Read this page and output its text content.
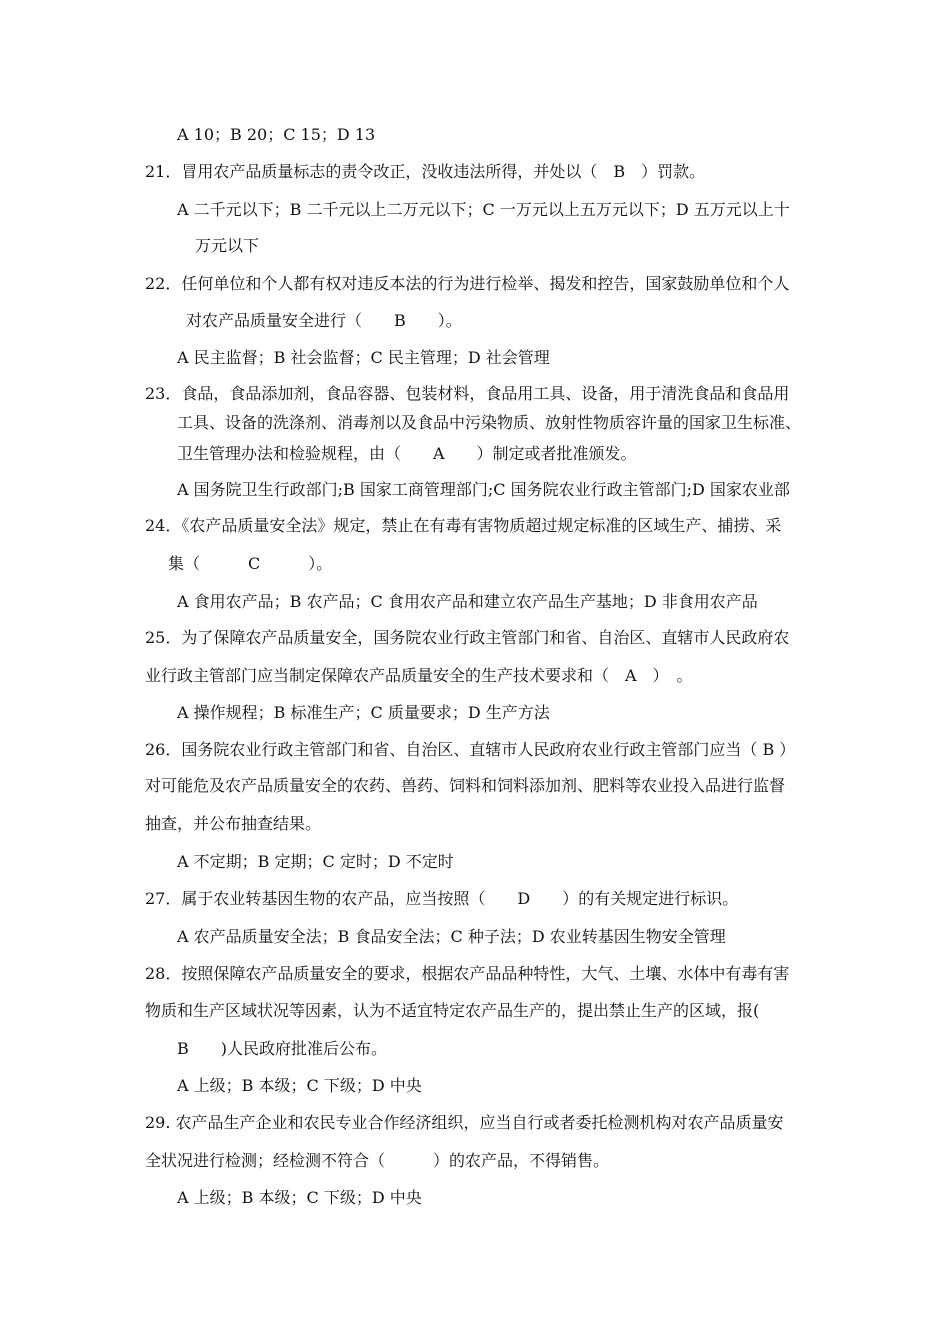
A 10；B 20；C 15；D 13
21．冒用农产品质量标志的责令改正，没收违法所得，并处以（　B　）罚款。
A 二千元以下；B 二千元以上二万元以下；C 一万元以上五万元以下；D 五万元以上十
万元以下
22．任何单位和个人都有权对违反本法的行为进行检举、揭发和控告，国家鼓励单位和个人
对农产品质量安全进行（　　B　　）。
A 民主监督；B 社会监督；C 民主管理；D 社会管理
23．食品，食品添加剂，食品容器、包装材料，食品用工具、设备，用于清洗食品和食品用
工具、设备的洗涤剂、消毒剂以及食品中污染物质、放射性物质容许量的国家卫生标准、
卫生管理办法和检验规程，由（　　A　　）制定或者批准颁发。
A 国务院卫生行政部门;B 国家工商管理部门;C 国务院农业行政主管部门;D 国家农业部
24．《农产品质量安全法》规定，禁止在有毒有害物质超过规定标准的区域生产、捕捞、采
集（　　　C　　　）。
A 食用农产品；B 农产品；C 食用农产品和建立农产品生产基地；D 非食用农产品
25．为了保障农产品质量安全，国务院农业行政主管部门和省、自治区、直辖市人民政府农
业行政主管部门应当制定保障农产品质量安全的生产技术要求和（　A　）　。
A 操作规程；B 标准生产；C 质量要求；D 生产方法
26．国务院农业行政主管部门和省、自治区、直辖市人民政府农业行政主管部门应当（ B ）
对可能危及农产品质量安全的农药、兽药、饲料和饲料添加剂、肥料等农业投入品进行监督
抽查，并公布抽查结果。
A 不定期；B 定期；C 定时；D 不定时
27．属于农业转基因生物的农产品，应当按照（　　D　　）的有关规定进行标识。
A 农产品质量安全法；B 食品安全法；C 种子法；D 农业转基因生物安全管理
28．按照保障农产品质量安全的要求，根据农产品品种特性，大气、土壤、水体中有毒有害
物质和生产区域状况等因素，认为不适宜特定农产品生产的，提出禁止生产的区域，报(
B　　)人民政府批准后公布。
A 上级；B 本级；C 下级；D 中央
29. 农产品生产企业和农民专业合作经济组织，应当自行或者委托检测机构对农产品质量安
全状况进行检测；经检测不符合（　　　）的农产品，不得销售。
A 上级；B 本级；C 下级；D 中央
